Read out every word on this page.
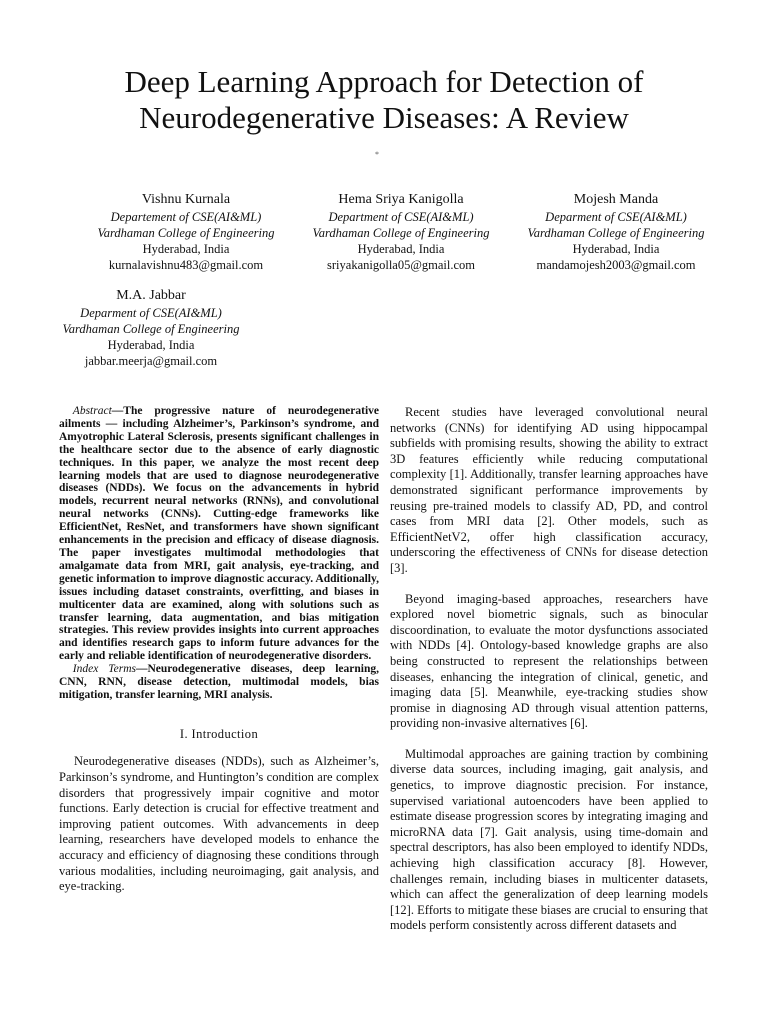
Deep Learning Approach for Detection of Neurodegenerative Diseases: A Review
*
Vishnu Kurnala
Departement of CSE(AI&ML)
Vardhaman College of Engineering
Hyderabad, India
kurnalavishnu483@gmail.com
Hema Sriya Kanigolla
Department of CSE(AI&ML)
Vardhaman College of Engineering
Hyderabad, India
sriyakanigolla05@gmail.com
Mojesh Manda
Deparment of CSE(AI&ML)
Vardhaman College of Engineering
Hyderabad, India
mandamojesh2003@gmail.com
M.A. Jabbar
Deparment of CSE(AI&ML)
Vardhaman College of Engineering
Hyderabad, India
jabbar.meerja@gmail.com

Abstract—The progressive nature of neurodegenerative ailments — including Alzheimer’s, Parkinson’s syndrome, and Amyotrophic Lateral Sclerosis, presents significant challenges in the healthcare sector due to the absence of early diagnostic techniques. In this paper, we analyze the most recent deep learning models that are used to diagnose neurodegenerative diseases (NDDs). We focus on the advancements in hybrid models, recurrent neural networks (RNNs), and convolutional neural networks (CNNs). Cutting-edge frameworks like EfficientNet, ResNet, and transformers have shown significant enhancements in the precision and efficacy of disease diagnosis. The paper investigates multimodal methodologies that amalgamate data from MRI, gait analysis, eye-tracking, and genetic information to improve diagnostic accuracy. Additionally, issues including dataset constraints, overfitting, and biases in multicenter data are examined, along with solutions such as transfer learning, data augmentation, and bias mitigation strategies. This review provides insights into current approaches and identifies research gaps to inform future advances for the early and reliable identification of neurodegenerative disorders.

Index Terms—Neurodegenerative diseases, deep learning, CNN, RNN, disease detection, multimodal models, bias mitigation, transfer learning, MRI analysis.

I. Introduction

Neurodegenerative diseases (NDDs), such as Alzheimer’s, Parkinson’s syndrome, and Huntington’s condition are complex disorders that progressively impair cognitive and motor functions. Early detection is crucial for effective treatment and improving patient outcomes. With advancements in deep learning, researchers have developed models to enhance the accuracy and efficiency of diagnosing these conditions through various modalities, including neuroimaging, gait analysis, and eye-tracking.

Recent studies have leveraged convolutional neural networks (CNNs) for identifying AD using hippocampal subfields with promising results, showing the ability to extract 3D features efficiently while reducing computational complexity [1]. Additionally, transfer learning approaches have demonstrated significant performance improvements by reusing pre-trained models to classify AD, PD, and control cases from MRI data [2]. Other models, such as EfficientNetV2, offer high classification accuracy, underscoring the effectiveness of CNNs for disease detection [3].

Beyond imaging-based approaches, researchers have explored novel biometric signals, such as binocular discoordination, to evaluate the motor dysfunctions associated with NDDs [4]. Ontology-based knowledge graphs are also being constructed to represent the relationships between diseases, enhancing the integration of clinical, genetic, and imaging data [5]. Meanwhile, eye-tracking studies show promise in diagnosing AD through visual attention patterns, providing non-invasive alternatives [6].

Multimodal approaches are gaining traction by combining diverse data sources, including imaging, gait analysis, and genetics, to improve diagnostic precision. For instance, supervised variational autoencoders have been applied to estimate disease progression scores by integrating imaging and microRNA data [7]. Gait analysis, using time-domain and spectral descriptors, has also been employed to identify NDDs, achieving high classification accuracy [8]. However, challenges remain, including biases in multicenter datasets, which can affect the generalization of deep learning models [12]. Efforts to mitigate these biases are crucial to ensuring that models perform consistently across different datasets and
